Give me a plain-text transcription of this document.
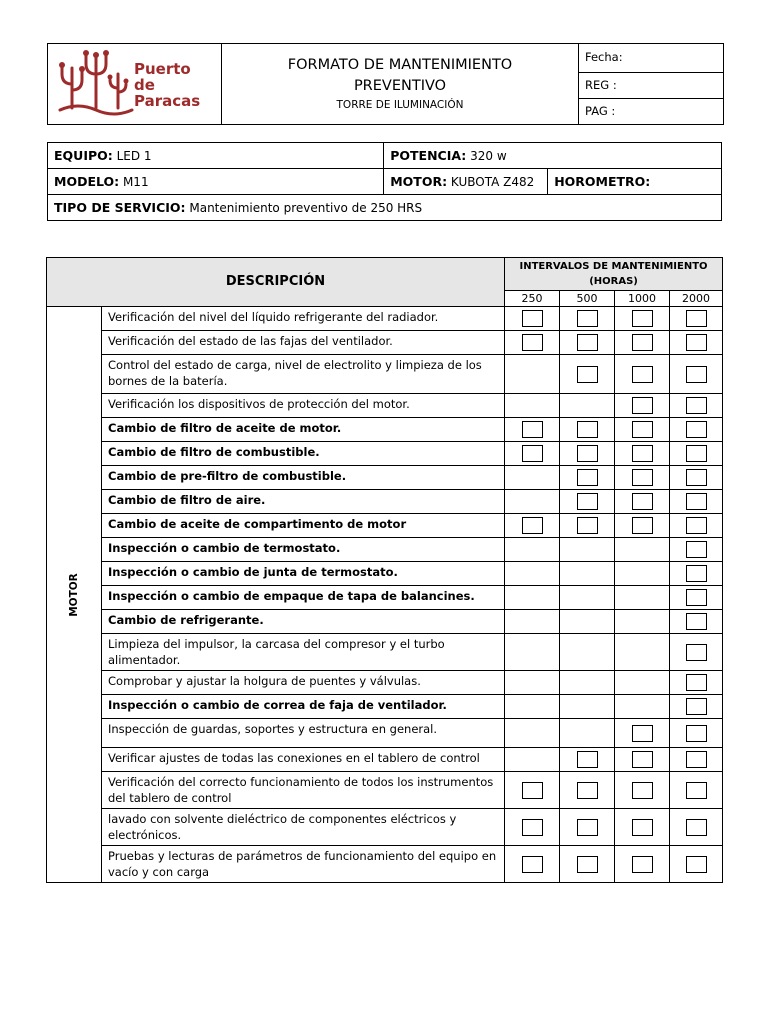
Puerto
de
Paracas
FORMATO DE MANTENIMIENTO
PREVENTIVO
TORRE DE ILUMINACIÓN
Fecha:
REG :
PAG :
EQUIPO: LED 1	POTENCIA: 320 w	
MODELO: M11	MOTOR: KUBOTA Z482	HOROMETRO:
TIPO DE SERVICIO: Mantenimiento preventivo de 250 HRS		
DESCRIPCIÓN		INTERVALOS DE MANTENIMIENTO (HORAS)			
		250	500	1000	2000
MOTOR	Verificación del nivel del líquido refrigerante del radiador.				
	Verificación del estado de las fajas del ventilador.				
	Control del estado de carga, nivel de electrolito y limpieza de los bornes de la batería.				
	Verificación los dispositivos de protección del motor.				
	Cambio de filtro de aceite de motor.				
	Cambio de filtro de combustible.				
	Cambio de pre-filtro de combustible.				
	Cambio de filtro de aire.				
	Cambio de aceite de compartimento de motor				
	Inspección o cambio de termostato.				
	Inspección o cambio de junta de termostato.				
	Inspección o cambio de empaque de tapa de balancines.				
	Cambio de refrigerante.				
	Limpieza del impulsor, la carcasa del compresor y el turbo alimentador.				
	Comprobar y ajustar la holgura de puentes y válvulas.				
	Inspección o cambio de correa de faja de ventilador.				
	Inspección de guardas, soportes y estructura en general.				
	Verificar ajustes de todas las conexiones en el tablero de control				
	Verificación del correcto funcionamiento de todos los instrumentos del tablero de control				
	lavado con solvente dieléctrico de componentes eléctricos y electrónicos.				
	Pruebas y lecturas de parámetros de funcionamiento del equipo en vacío y con carga				
